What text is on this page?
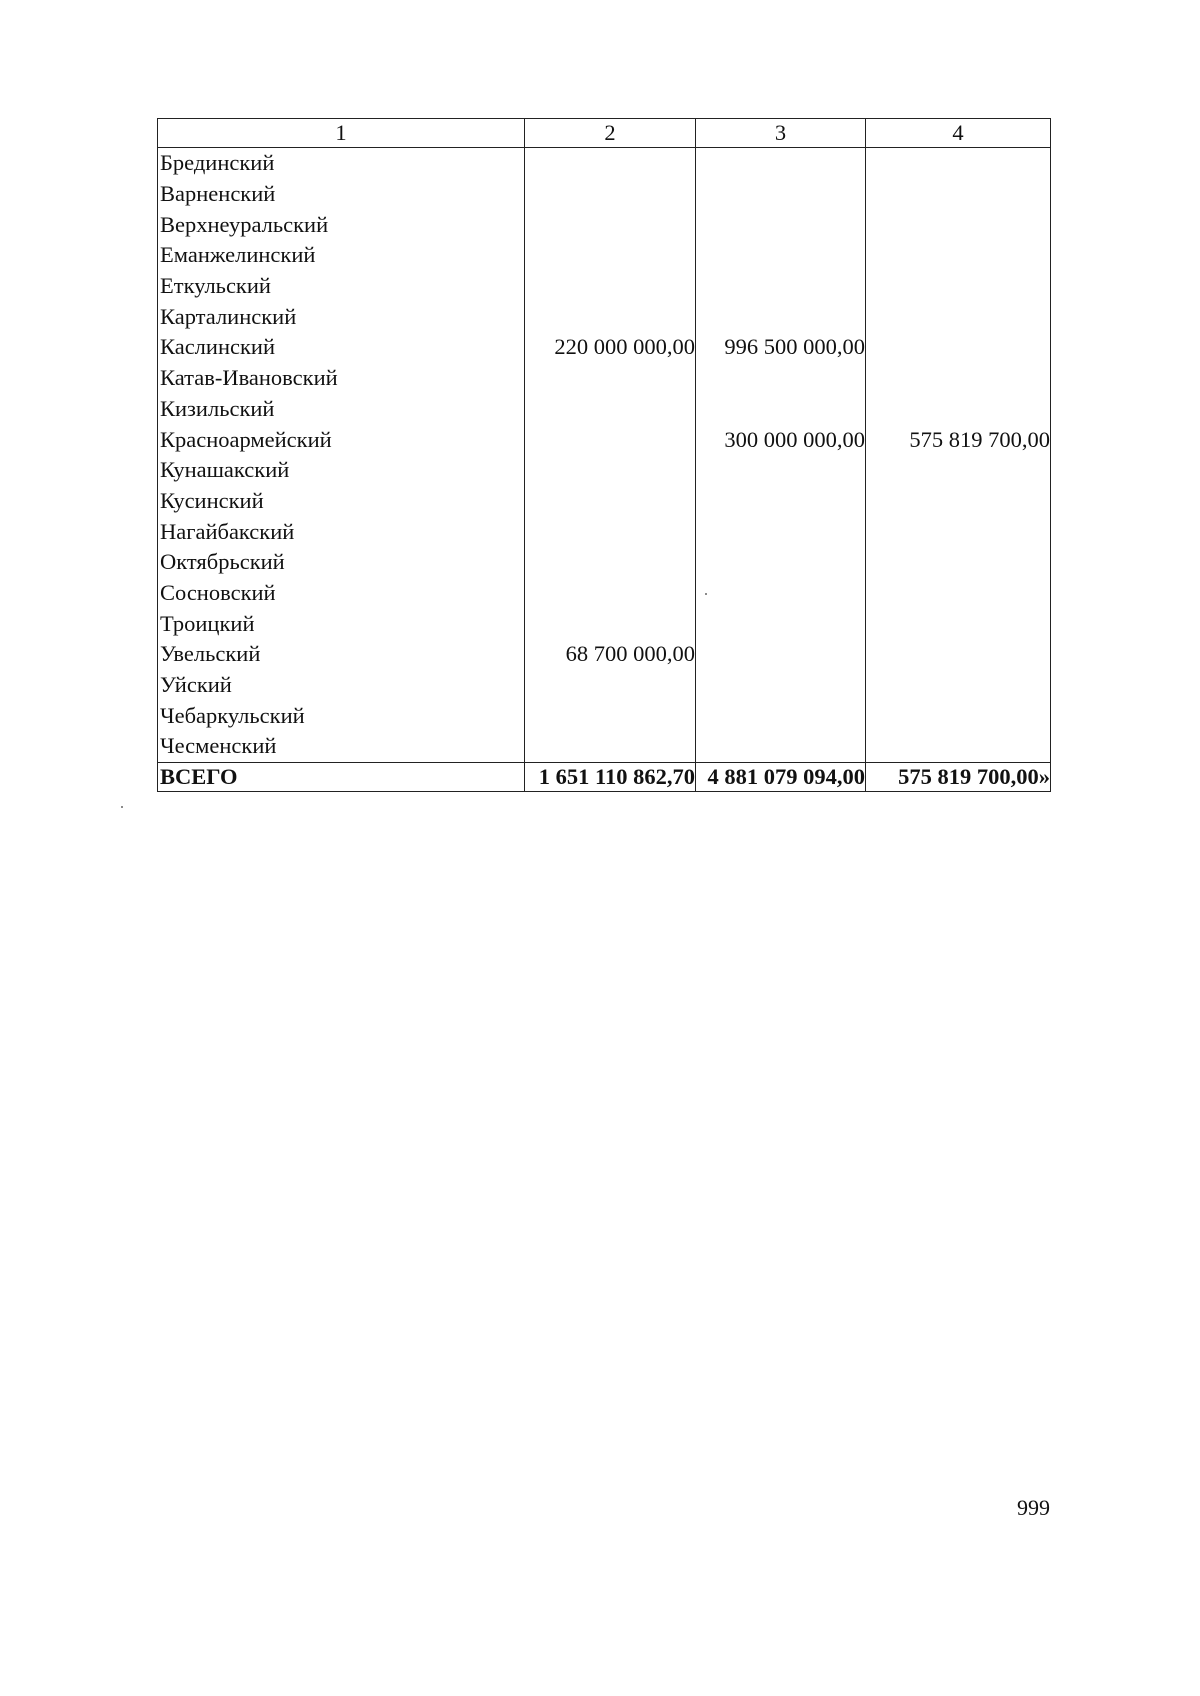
1	2	3	4
Брединский			
Варненский			
Верхнеуральский			
Еманжелинский			
Еткульский			
Карталинский			
Каслинский	220 000 000,00	996 500 000,00	
Катав-Ивановский			
Кизильский			
Красноармейский		300 000 000,00	575 819 700,00
Кунашакский			
Кусинский			
Нагайбакский			
Октябрьский			
Сосновский			
Троицкий			
Увельский	68 700 000,00		
Уйский			
Чебаркульский			
Чесменский			
ВСЕГО	1 651 110 862,70	4 881 079 094,00	575 819 700,00»
999
